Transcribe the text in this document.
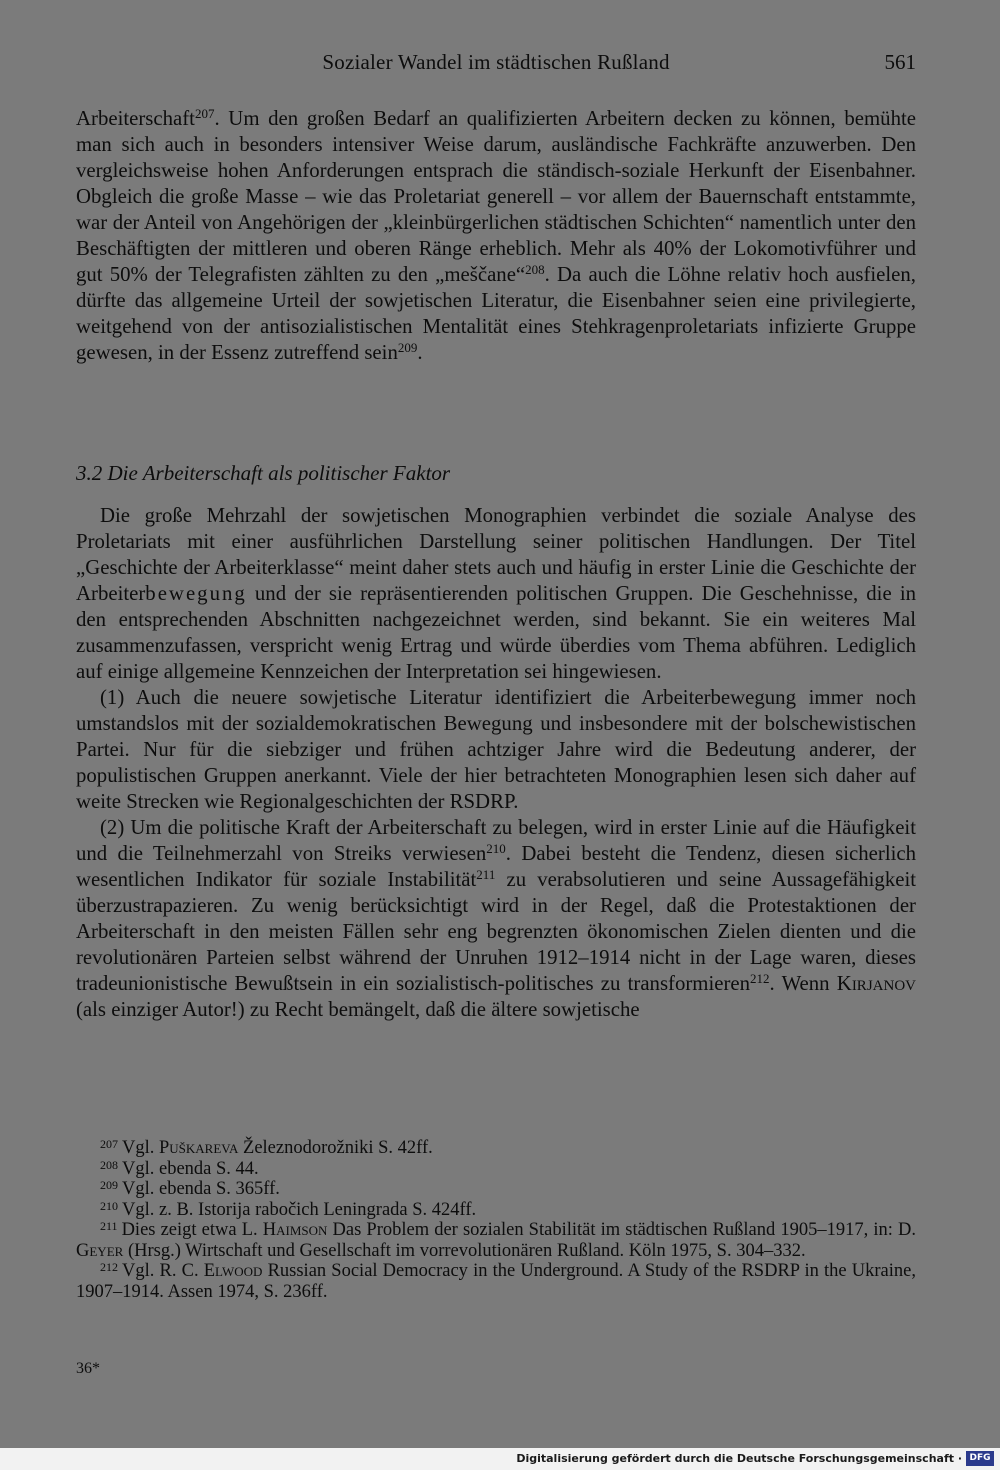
Sozialer Wandel im städtischen Rußland	561

Arbeiterschaft$^{207}$. Um den großen Bedarf an qualifizierten Arbeitern decken zu können, bemühte man sich auch in besonders intensiver Weise darum, ausländische Fachkräfte anzuwerben. Den vergleichsweise hohen Anforderungen entsprach die ständisch-soziale Herkunft der Eisenbahner. Obgleich die große Masse – wie das Proletariat generell – vor allem der Bauernschaft entstammte, war der Anteil von Angehörigen der „kleinbürgerlichen städtischen Schichten“ namentlich unter den Beschäftigten der mittleren und oberen Ränge erheblich. Mehr als 40% der Lokomotivführer und gut 50% der Telegrafisten zählten zu den „meščane“$^{208}$. Da auch die Löhne relativ hoch ausfielen, dürfte das allgemeine Urteil der sowjetischen Literatur, die Eisenbahner seien eine privilegierte, weitgehend von der antisozialistischen Mentalität eines Stehkragenproletariats infizierte Gruppe gewesen, in der Essenz zutreffend sein$^{209}$.

3.2 Die Arbeiterschaft als politischer Faktor

Die große Mehrzahl der sowjetischen Monographien verbindet die soziale Analyse des Proletariats mit einer ausführlichen Darstellung seiner politischen Handlungen. Der Titel „Geschichte der Arbeiterklasse“ meint daher stets auch und häufig in erster Linie die Geschichte der Arbeiterbewegung und der sie repräsentierenden politischen Gruppen. Die Geschehnisse, die in den entsprechenden Abschnitten nachgezeichnet werden, sind bekannt. Sie ein weiteres Mal zusammenzufassen, verspricht wenig Ertrag und würde überdies vom Thema abführen. Lediglich auf einige allgemeine Kennzeichen der Interpretation sei hingewiesen.

(1) Auch die neuere sowjetische Literatur identifiziert die Arbeiterbewegung immer noch umstandslos mit der sozialdemokratischen Bewegung und insbesondere mit der bolschewistischen Partei. Nur für die siebziger und frühen achtziger Jahre wird die Bedeutung anderer, der populistischen Gruppen anerkannt. Viele der hier betrachteten Monographien lesen sich daher auf weite Strecken wie Regionalgeschichten der RSDRP.

(2) Um die politische Kraft der Arbeiterschaft zu belegen, wird in erster Linie auf die Häufigkeit und die Teilnehmerzahl von Streiks verwiesen$^{210}$. Dabei besteht die Tendenz, diesen sicherlich wesentlichen Indikator für soziale Instabilität$^{211}$ zu verabsolutieren und seine Aussagefähigkeit überzustrapazieren. Zu wenig berücksichtigt wird in der Regel, daß die Protestaktionen der Arbeiterschaft in den meisten Fällen sehr eng begrenzten ökonomischen Zielen dienten und die revolutionären Parteien selbst während der Unruhen 1912–1914 nicht in der Lage waren, dieses tradeunionistische Bewußtsein in ein sozialistisch-politisches zu transformieren$^{212}$. Wenn Kirjanov (als einziger Autor!) zu Recht bemängelt, daß die ältere sowjetische

$^{207}$ Vgl. Puškareva Železnodorožniki S. 42ff.

$^{208}$ Vgl. ebenda S. 44.

$^{209}$ Vgl. ebenda S. 365ff.

$^{210}$ Vgl. z. B. Istorija rabočich Leningrada S. 424ff.

$^{211}$ Dies zeigt etwa L. Haimson Das Problem der sozialen Stabilität im städtischen Rußland 1905–1917, in: D. Geyer (Hrsg.) Wirtschaft und Gesellschaft im vorrevolutionären Rußland. Köln 1975, S. 304–332.

$^{212}$ Vgl. R. C. Elwood Russian Social Democracy in the Underground. A Study of the RSDRP in the Ukraine, 1907–1914. Assen 1974, S. 236ff.

36*
Digitalisierung gefördert durch die Deutsche Forschungsgemeinschaft · DFG
